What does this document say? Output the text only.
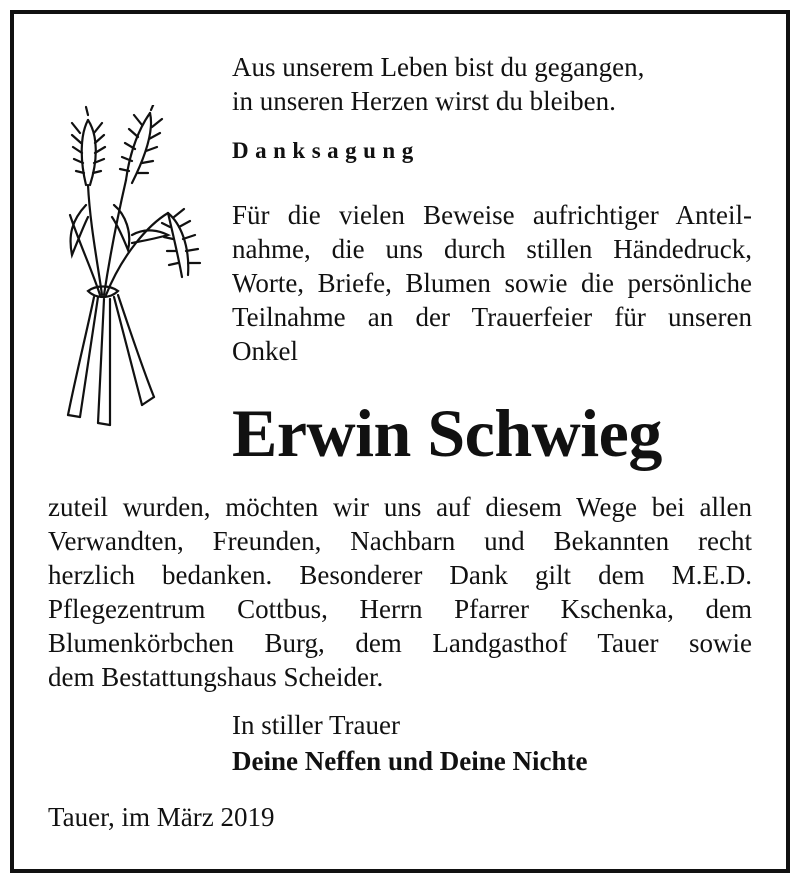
Aus unserem Leben bist du gegangen,
in unseren Herzen wirst du bleiben.
Danksagung
Für die vielen Beweise aufrichtiger Anteil-
nahme, die uns durch stillen Händedruck,
Worte, Briefe, Blumen sowie die persönliche
Teilnahme an der Trauerfeier für unseren
Onkel
Erwin Schwieg
zuteil wurden, möchten wir uns auf diesem Wege bei allen
Verwandten, Freunden, Nachbarn und Bekannten recht
herzlich bedanken. Besonderer Dank gilt dem M.E.D.
Pflegezentrum Cottbus, Herrn Pfarrer Kschenka, dem
Blumenkörbchen Burg, dem Landgasthof Tauer sowie
dem Bestattungshaus Scheider.
In stiller Trauer
Deine Neffen und Deine Nichte
Tauer, im März 2019
